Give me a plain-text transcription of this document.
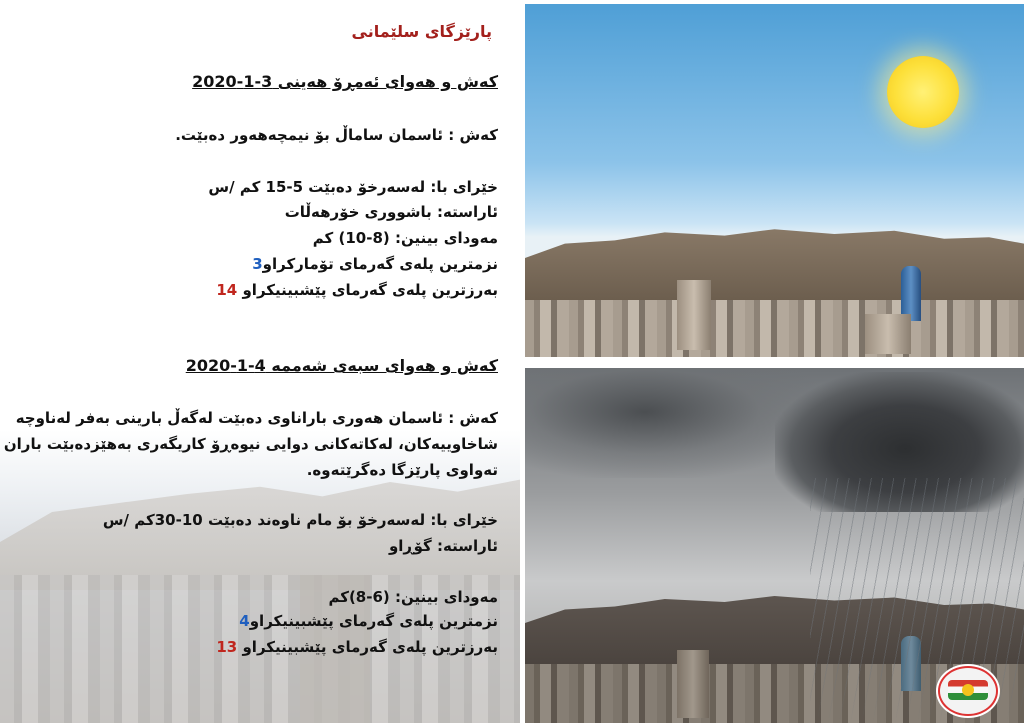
پارێزگای سلێمانی
کەش و هەوای ئەمڕۆ هەینی 3-1-2020
کەش : ئاسمان ساماڵ بۆ نیمچەهەور دەبێت.
خێرای با: لەسەرخۆ دەبێت 5-15 کم /س
ئاراستە: باشووری خۆرهەڵات
مەودای بینین: (8-10) کم
نزمترین پلەی گەرمای تۆمارکراو3
بەرزترین پلەی گەرمای پێشبینیکراو 14
کەش و هەوای سبەی شەممە 4-1-2020
کەش : ئاسمان هەوری باراناوی دەبێت لەگەڵ بارینی بەفر لەناوچە شاخاوییەکان، لەکاتەکانی دوایی نیوەڕۆ کاریگەری بەهێزدەبێت باران تەواوی پارێزگا دەگرێتەوە.
خێرای با: لەسەرخۆ بۆ مام ناوەند دەبێت 10-30کم /س
ئاراستە: گۆڕاو
مەودای بینین: (6-8)کم
نزمترین پلەی گەرمای پێشبینیکراو4
بەرزترین پلەی گەرمای پێشبینیکراو 13
